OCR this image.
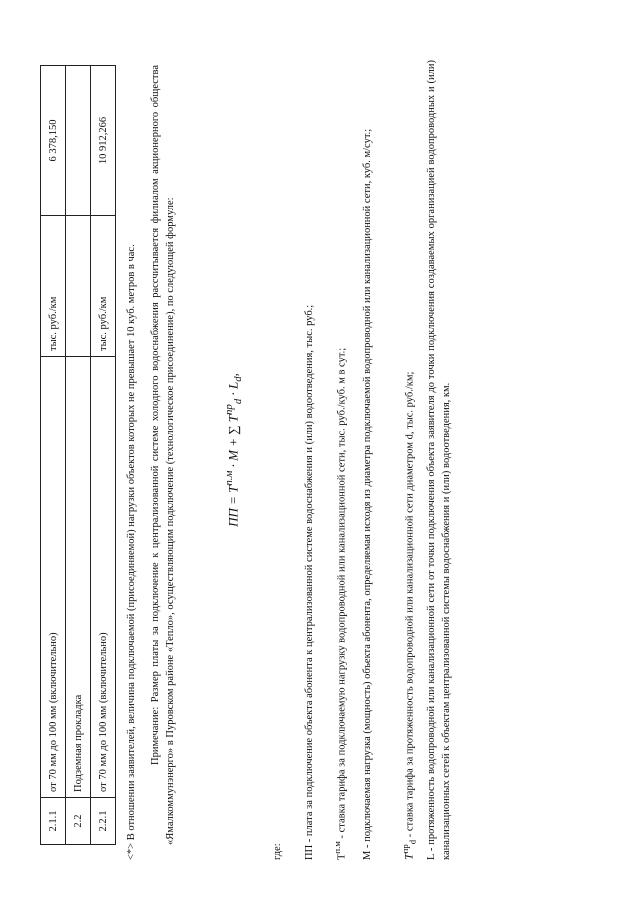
2.1.1	от 70 мм до 100 мм (включительно)	тыс. руб./км	6 378,150
2.2	Подземная прокладка		
2.2.1	от 70 мм до 100 мм (включительно)	тыс. руб./км	10 912,266
<*> В отношении заявителей, величина подключаемой (присоединяемой) нагрузки объектов которых не превышает 10 куб. метров в час. Примечание: Размер платы за подключение к централизованной системе холодного водоснабжения рассчитывается филиалом акционерного общества «Ямалкоммунэнерго» в Пуровском районе «Тепло», осуществляющим подключение (технологическое присоединение), по следующей формуле:	ПП = $Т^{п.м} \cdot M$ + ∑ $Т^{пр}_d \cdot L_d$,
где: ПП - плата за подключение объекта абонента к централизованной системе водоснабжения и (или) водоотведения, тыс. руб.;	$Т^{п.м}$ - ставка тарифа за подключаемую нагрузку водопроводной или канализационной сети, тыс. руб./куб. м в сут.; М - подключаемая нагрузка (мощность) объекта абонента, определяемая исходя из диаметра подключаемой водопроводной или канализационной сети, куб. м/сут.; $Т^{пр}_d$ - ставка тарифа за протяженность водопроводной или канализационной сети диаметром d, тыс. руб./км;	L - протяженность водопроводной или канализационной сети от точки подключения объекта заявителя до точки подключения создаваемых организацией водопроводных и (или) канализационных сетей к объектам централизованной системы водоснабжения и (или) водоотведения, км.
